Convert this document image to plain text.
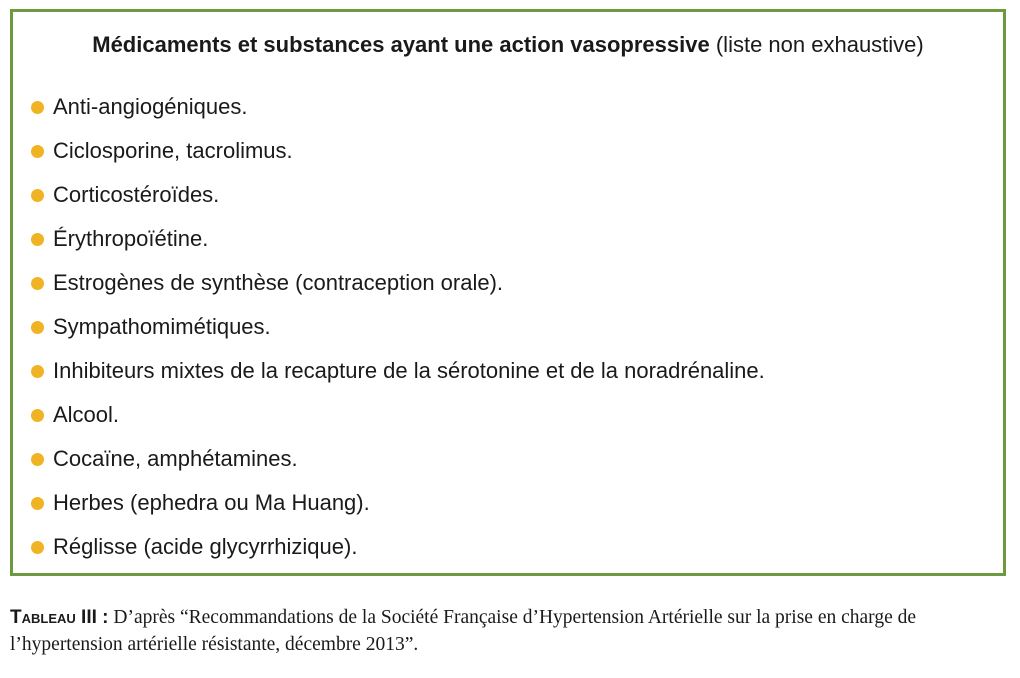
Médicaments et substances ayant une action vasopressive (liste non exhaustive)
Anti-angiogéniques.
Ciclosporine, tacrolimus.
Corticostéroïdes.
Érythropoïétine.
Estrogènes de synthèse (contraception orale).
Sympathomimétiques.
Inhibiteurs mixtes de la recapture de la sérotonine et de la noradrénaline.
Alcool.
Cocaïne, amphétamines.
Herbes (ephedra ou Ma Huang).
Réglisse (acide glycyrrhizique).
Tableau III : D’après “Recommandations de la Société Française d’Hypertension Artérielle sur la prise en charge de l’hypertension artérielle résistante, décembre 2013”.
